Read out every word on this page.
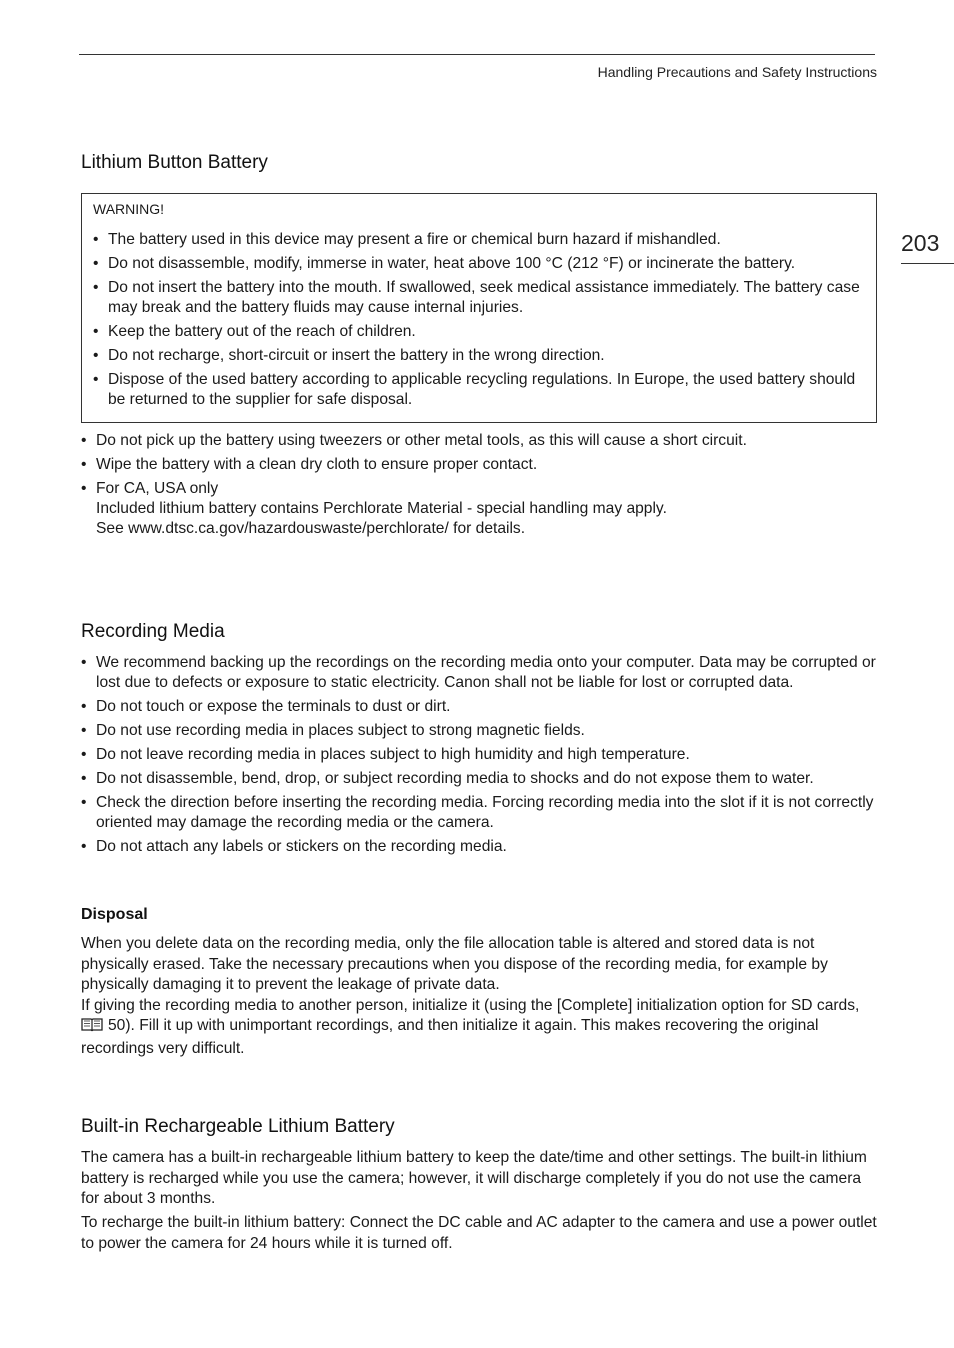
Handling Precautions and Safety Instructions
203
Lithium Button Battery
WARNING!
• The battery used in this device may present a fire or chemical burn hazard if mishandled.
• Do not disassemble, modify, immerse in water, heat above 100 °C (212 °F) or incinerate the battery.
• Do not insert the battery into the mouth. If swallowed, seek medical assistance immediately. The battery case may break and the battery fluids may cause internal injuries.
• Keep the battery out of the reach of children.
• Do not recharge, short-circuit or insert the battery in the wrong direction.
• Dispose of the used battery according to applicable recycling regulations. In Europe, the used battery should be returned to the supplier for safe disposal.
• Do not pick up the battery using tweezers or other metal tools, as this will cause a short circuit.
• Wipe the battery with a clean dry cloth to ensure proper contact.
• For CA, USA only
Included lithium battery contains Perchlorate Material - special handling may apply.
See www.dtsc.ca.gov/hazardouswaste/perchlorate/ for details.
Recording Media
• We recommend backing up the recordings on the recording media onto your computer. Data may be corrupted or lost due to defects or exposure to static electricity. Canon shall not be liable for lost or corrupted data.
• Do not touch or expose the terminals to dust or dirt.
• Do not use recording media in places subject to strong magnetic fields.
• Do not leave recording media in places subject to high humidity and high temperature.
• Do not disassemble, bend, drop, or subject recording media to shocks and do not expose them to water.
• Check the direction before inserting the recording media. Forcing recording media into the slot if it is not correctly oriented may damage the recording media or the camera.
• Do not attach any labels or stickers on the recording media.
Disposal

When you delete data on the recording media, only the file allocation table is altered and stored data is not physically erased. Take the necessary precautions when you dispose of the recording media, for example by physically damaging it to prevent the leakage of private data.
If giving the recording media to another person, initialize it (using the [Complete] initialization option for SD cards,
50). Fill it up with unimportant recordings, and then initialize it again. This makes recovering the original recordings very difficult.

Built-in Rechargeable Lithium Battery

The camera has a built-in rechargeable lithium battery to keep the date/time and other settings. The built-in lithium battery is recharged while you use the camera; however, it will discharge completely if you do not use the camera for about 3 months.

To recharge the built-in lithium battery: Connect the DC cable and AC adapter to the camera and use a power outlet to power the camera for 24 hours while it is turned off.
